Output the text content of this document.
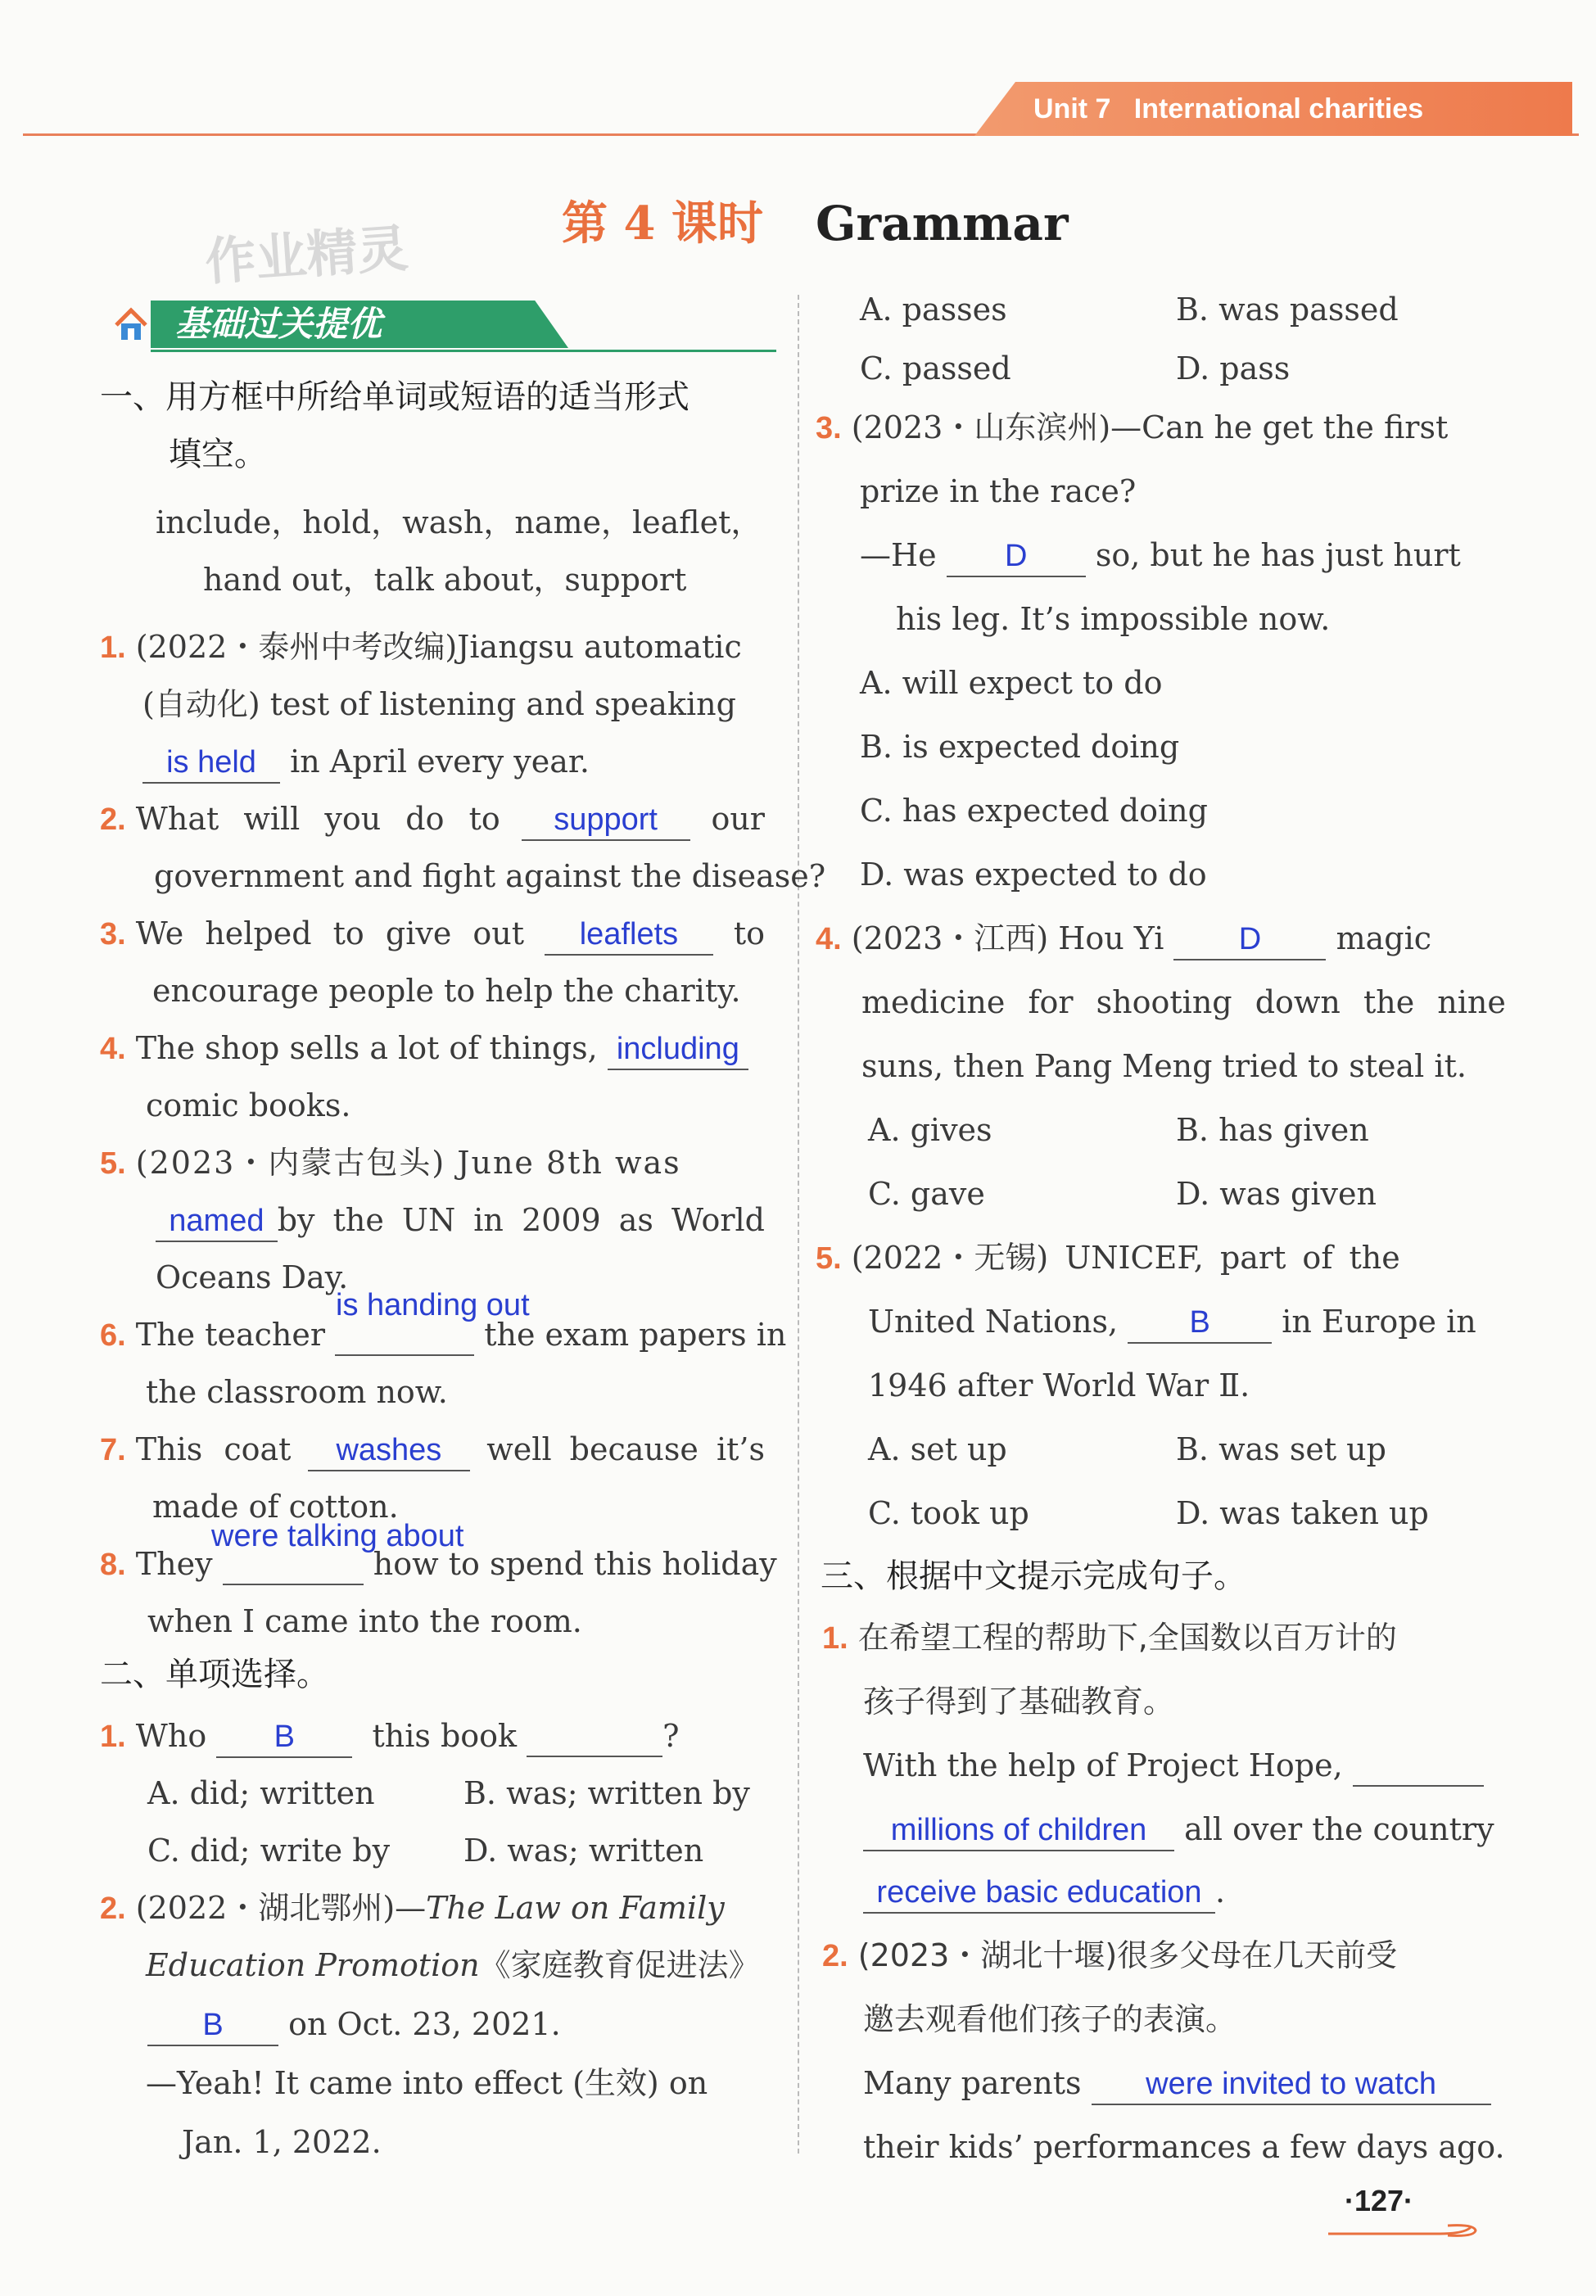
Unit 7 International charities
第 4 课时 Grammar
作业精灵
基础过关提优
一、用方框中所给单词或短语的适当形式
填空。
include，hold，wash，name，leaflet，
hand out，talk about，support
1. (2022・泰州中考改编)Jiangsu automatic
(自动化) test of listening and speaking
is held in April every year.
2. What will you do to	support	our
government and fight against the disease?
3. We helped to give out	leaflets	to
encourage people to help the charity.
4. The shop sells a lot of things, including
comic books.
5. (2023・内蒙古包头) June 8th was
named by the UN in 2009 as World
Oceans Day.
is handing out
6. The teacher	the exam papers in
the classroom now.
7. This coat	washes	well because it’s
made of cotton.
were talking about
8. They	how to spend this holiday
when I came into the room.
二、单项选择。
1. Who B this book	?
A. did; written	B. was; written by
C. did; write by D. was; written
2. (2022・湖北鄂州)—The Law on Family
Education Promotion《家庭教育促进法》
B on Oct. 23, 2021.
—Yeah! It came into effect (生效) on
Jan. 1, 2022.
A. passes	B. was passed
C. passed	D. pass
3. (2023・山东滨州)—Can he get the first
prize in the race?
—He D so, but he has just hurt
his leg. It’s impossible now.
A. will expect to do
B. is expected doing
C. has expected doing
D. was expected to do
4. (2023・江西) Hou Yi D magic
medicine for shooting down the nine
suns, then Pang Meng tried to steal it.
A. gives	B. has given
C. gave	D. was given
5. (2022・无锡) UNICEF, part of the
United Nations, B in Europe in
1946 after World War Ⅱ.
A. set up	B. was set up
C. took up	D. was taken up
三、根据中文提示完成句子。
1. 在希望工程的帮助下,全国数以百万计的
孩子得到了基础教育。
With the help of Project Hope,
millions of children all over the country
receive basic education .
2. (2023・湖北十堰)很多父母在几天前受
邀去观看他们孩子的表演。
Many parents were invited to watch
their kids’ performances a few days ago.
·127·
